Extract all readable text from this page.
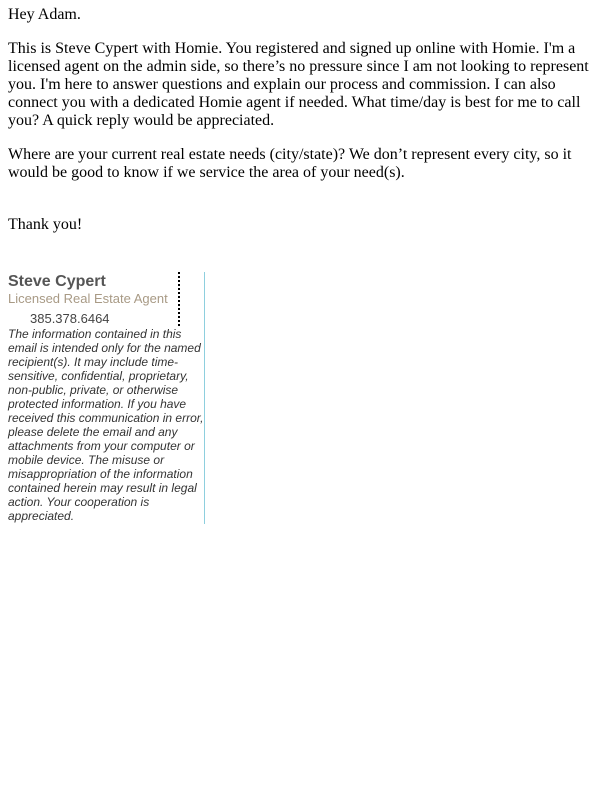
Hey Adam.

This is Steve Cypert with Homie. You registered and signed up online with Homie. I'm a licensed agent on the admin side, so there’s no pressure since I am not looking to represent you. I'm here to answer questions and explain our process and commission. I can also connect you with a dedicated Homie agent if needed. What time/day is best for me to call you? A quick reply would be appreciated.

Where are your current real estate needs (city/state)? We don’t represent every city, so it would be good to know if we service the area of your need(s).

Thank you!

Steve Cypert
Licensed Real Estate Agent
385.378.6464

The information contained in this email is intended only for the named recipient(s). It may include time-sensitive, confidential, proprietary, non-public, private, or otherwise protected information. If you have received this communication in error, please delete the email and any attachments from your computer or mobile device. The misuse or misappropriation of the information contained herein may result in legal action. Your cooperation is appreciated.
